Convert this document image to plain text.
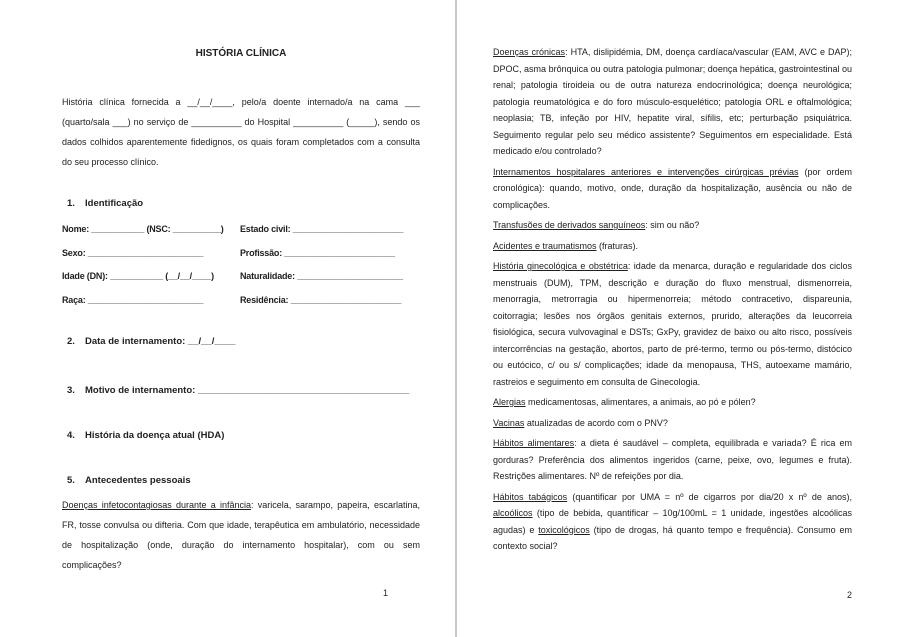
HISTÓRIA CLÍNICA

História clínica fornecida a __/__/____, pelo/a doente internado/a na cama ___ (quarto/sala ___) no serviço de __________ do Hospital __________ (_____), sendo os dados colhidos aparentemente fidedignos, os quais foram completados com a consulta do seu processo clínico.

1.	Identificação
Nome: ___________ (NSC: __________)	Estado civil: _______________________
Sexo: ________________________	Profissão: _______________________
Idade (DN): ___________ (__/__/____)	Naturalidade: ______________________
Raça: ________________________	Residência: _______________________
2.	Data de internamento: __/__/____
3.	Motivo de internamento: ________________________________________
4.	História da doença atual (HDA)
5.	Antecedentes pessoais

Doenças infetocontagiosas durante a infância: varicela, sarampo, papeira, escarlatina, FR, tosse convulsa ou difteria. Com que idade, terapêutica em ambulatório, necessidade de hospitalização (onde, duração do internamento hospitalar), com ou sem complicações?

1

Doenças crónicas: HTA, dislipidémia, DM, doença cardíaca/vascular (EAM, AVC e DAP); DPOC, asma brônquica ou outra patologia pulmonar; doença hepática, gastrointestinal ou renal; patologia tiroideia ou de outra natureza endocrinológica; doença neurológica; patologia reumatológica e do foro músculo-esquelético; patologia ORL e oftalmológica; neoplasia; TB, infeção por HIV, hepatite viral, sífilis, etc; perturbação psiquiátrica. Seguimento regular pelo seu médico assistente? Seguimentos em especialidade. Está medicado e/ou controlado?

Internamentos hospitalares anteriores e intervenções cirúrgicas prévias (por ordem cronológica): quando, motivo, onde, duração da hospitalização, ausência ou não de complicações.

Transfusões de derivados sanguíneos: sim ou não?

Acidentes e traumatismos (fraturas).

História ginecológica e obstétrica: idade da menarca, duração e regularidade dos ciclos menstruais (DUM), TPM, descrição e duração do fluxo menstrual, dismenorreia, menorragia, metrorragia ou hipermenorreia; método contracetivo, dispareunia, coitorragia; lesões nos órgãos genitais externos, prurido, alterações da leucorreia fisiológica, secura vulvovaginal e DSTs; GxPy, gravidez de baixo ou alto risco, possíveis intercorrências na gestação, abortos, parto de pré-termo, termo ou pós-termo, distócico ou eutócico, c/ ou s/ complicações; idade da menopausa, THS, autoexame mamário, rastreios e seguimento em consulta de Ginecologia.

Alergias medicamentosas, alimentares, a animais, ao pó e pólen?

Vacinas atualizadas de acordo com o PNV?

Hábitos alimentares: a dieta é saudável – completa, equilibrada e variada? É rica em gorduras? Preferência dos alimentos ingeridos (carne, peixe, ovo, legumes e fruta). Restrições alimentares. Nº de refeições por dia.

Hábitos tabágicos (quantificar por UMA = nº de cigarros por dia/20 x nº de anos), alcoólicos (tipo de bebida, quantificar – 10g/100mL = 1 unidade, ingestões alcoólicas agudas) e toxicológicos (tipo de drogas, há quanto tempo e frequência). Consumo em contexto social?

2
